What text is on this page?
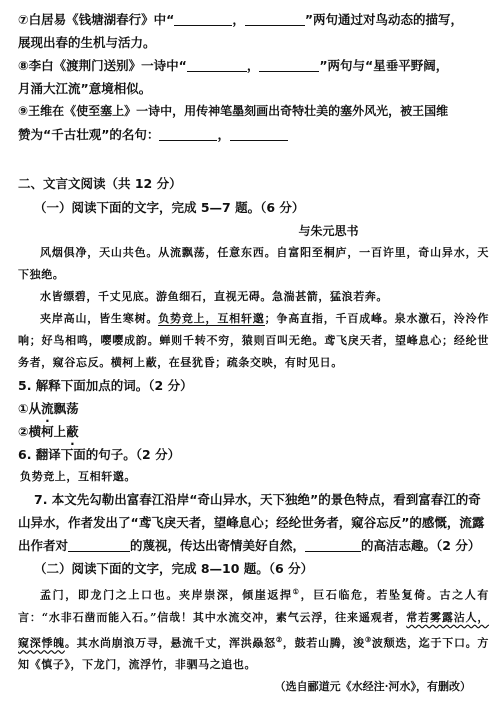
⑦白居易《钱塘湖春行》中“	，	”两句通过对鸟动态的描写，
展现出春的生机与活力。
⑧李白《渡荆门送别》一诗中“	，	”两句与“星垂平野阔，
月涌大江流”意境相似。
⑨王维在《使至塞上》一诗中，用传神笔墨刻画出奇特壮美的塞外风光，被王国维
赞为“千古壮观”的名句：	，
二、文言文阅读（共 12 分）
（一）阅读下面的文字，完成 5—7 题。（6 分）
与朱元思书
风烟俱净，天山共色。从流飘荡，任意东西。自富阳至桐庐，一百许里，奇山异水，天下独绝。
水皆缥碧，千丈见底。游鱼细石，直视无碍。急湍甚箭，猛浪若奔。
夹岸高山，皆生寒树。负势竞上，互相轩邈；争高直指，千百成峰。泉水激石，泠泠作响；好鸟相鸣，嘤嘤成韵。蝉则千转不穷，猿则百叫无绝。鸢飞戾天者，望峰息心；经纶世务者，窥谷忘反。横柯上蔽，在昼犹昏；疏条交映，有时见日。
5. 解释下面加点的词。（2 分）
①从流飘荡
②横柯上蔽
6. 翻译下面的句子。（2 分）
负势竞上，互相轩邈。
7. 本文先勾勒出富春江沿岸“奇山异水，天下独绝”的景色特点，看到富春江的奇山异水，作者发出了“鸢飞戾天者，望峰息心；经纶世务者，窥谷忘反”的感慨，流露出作者对	的蔑视，传达出寄情美好自然，	的高洁志趣。（2 分）
（二）阅读下面的文字，完成 8—10 题。（6 分）
孟门，即龙门之上口也。夹岸崇深，倾崖返捍①，巨石临危，若坠复倚。古之人有言：“水非石凿而能入石。”信哉！其中水流交冲，素气云浮，往来遥观者，常若雾露沾人，窥深悸魄。其水尚崩浪万寻，悬流千丈，浑洪赑怒②，鼓若山腾，浚③波颓迭，迄于下口。方知《慎子》，下龙门，流浮竹，非驷马之追也。
（选自郦道元《水经注·河水》，有删改）
